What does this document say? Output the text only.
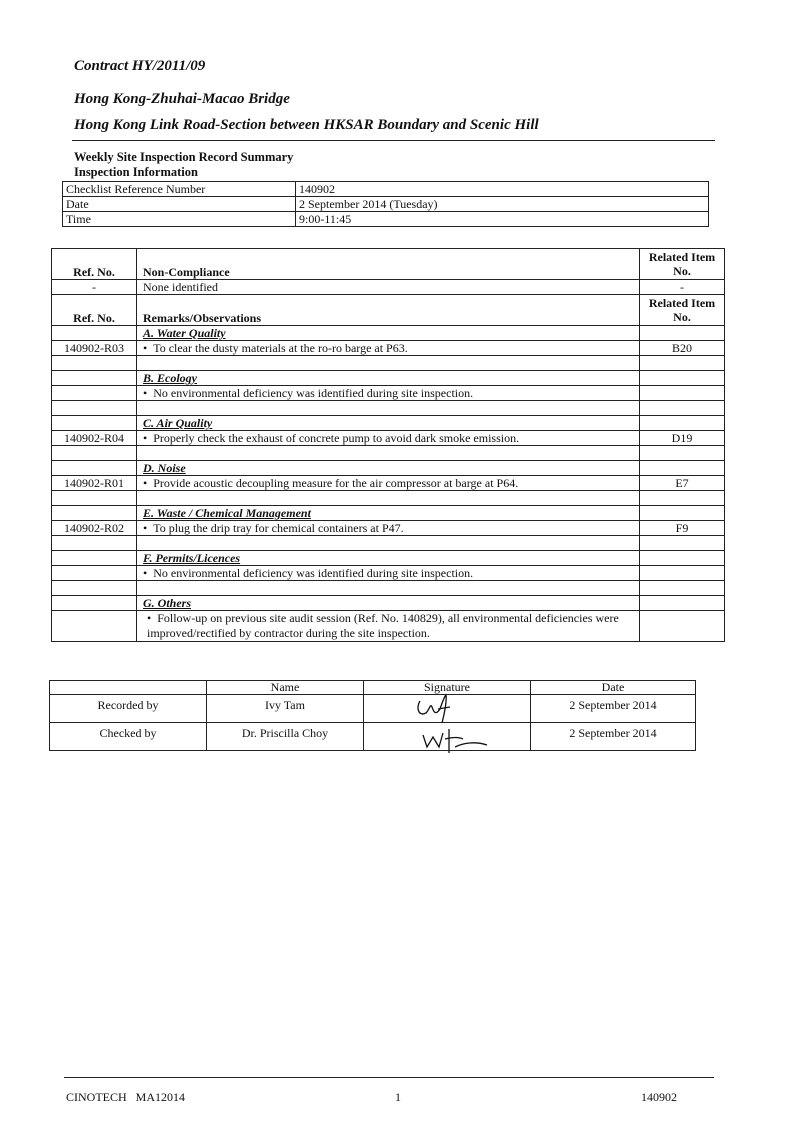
Contract HY/2011/09
Hong Kong-Zhuhai-Macao Bridge
Hong Kong Link Road-Section between HKSAR Boundary and Scenic Hill
Weekly Site Inspection Record Summary
Inspection Information
Checklist Reference Number	140902
Date	2 September 2014 (Tuesday)
Time	9:00-11:45
Ref. No.	Non-Compliance	Related Item No.
-	None identified	-
Ref. No.	Remarks/Observations	Related Item No.
	A. Water Quality	
140902-R03	• To clear the dusty materials at the ro-ro barge at P63.	B20

	B. Ecology	
	• No environmental deficiency was identified during site inspection.	

	C. Air Quality	
140902-R04	• Properly check the exhaust of concrete pump to avoid dark smoke emission.	D19

	D. Noise	
140902-R01	• Provide acoustic decoupling measure for the air compressor at barge at P64.	E7

	E. Waste / Chemical Management	
140902-R02	• To plug the drip tray for chemical containers at P47.	F9

	F. Permits/Licences	
	• No environmental deficiency was identified during site inspection.	

	G. Others	
	• Follow-up on previous site audit session (Ref. No. 140829), all environmental deficiencies were improved/rectified by contractor during the site inspection.	
	Name	Signature	Date
Recorded by	Ivy Tam		2 September 2014
Checked by	Dr. Priscilla Choy		2 September 2014
CINOTECH   MA12014	1	140902
